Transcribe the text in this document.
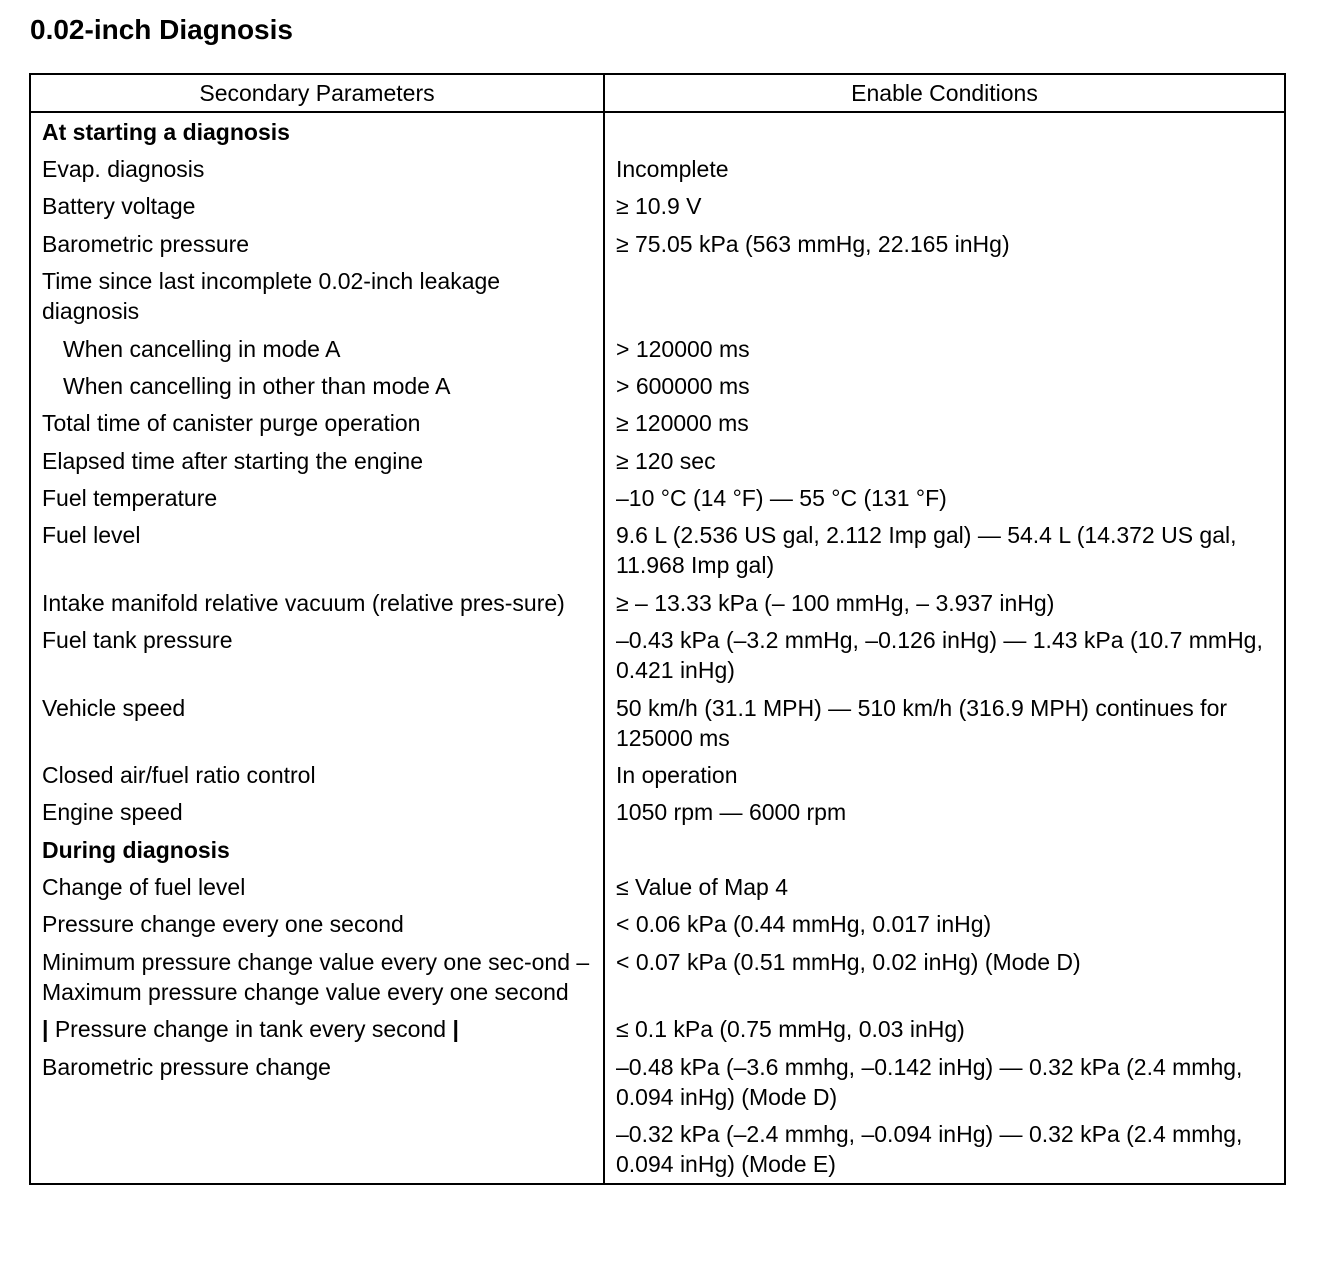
0.02-inch Diagnosis
Secondary Parameters	Enable Conditions
At starting a diagnosis	
Evap. diagnosis	Incomplete
Battery voltage	≥ 10.9 V
Barometric pressure	≥ 75.05 kPa (563 mmHg, 22.165 inHg)
Time since last incomplete 0.02-inch leakage diagnosis	
When cancelling in mode A	> 120000 ms
When cancelling in other than mode A	> 600000 ms
Total time of canister purge operation	≥ 120000 ms
Elapsed time after starting the engine	≥ 120 sec
Fuel temperature	–10 °C (14 °F) — 55 °C (131 °F)
Fuel level	9.6 L (2.536 US gal, 2.112 Imp gal) — 54.4 L (14.372 US gal, 11.968 Imp gal)
Intake manifold relative vacuum (relative pres-sure)	≥ – 13.33 kPa (– 100 mmHg, – 3.937 inHg)
Fuel tank pressure	–0.43 kPa (–3.2 mmHg, –0.126 inHg) — 1.43 kPa (10.7 mmHg, 0.421 inHg)
Vehicle speed	50 km/h (31.1 MPH) — 510 km/h (316.9 MPH) continues for 125000 ms
Closed air/fuel ratio control	In operation
Engine speed	1050 rpm — 6000 rpm
During diagnosis	
Change of fuel level	≤ Value of Map 4
Pressure change every one second	< 0.06 kPa (0.44 mmHg, 0.017 inHg)
Minimum pressure change value every one sec-ond – Maximum pressure change value every one second	< 0.07 kPa (0.51 mmHg, 0.02 inHg) (Mode D)
| Pressure change in tank every second |	≤ 0.1 kPa (0.75 mmHg, 0.03 inHg)
Barometric pressure change	–0.48 kPa (–3.6 mmhg, –0.142 inHg) — 0.32 kPa (2.4 mmhg, 0.094 inHg) (Mode D)
	–0.32 kPa (–2.4 mmhg, –0.094 inHg) — 0.32 kPa (2.4 mmhg, 0.094 inHg) (Mode E)
